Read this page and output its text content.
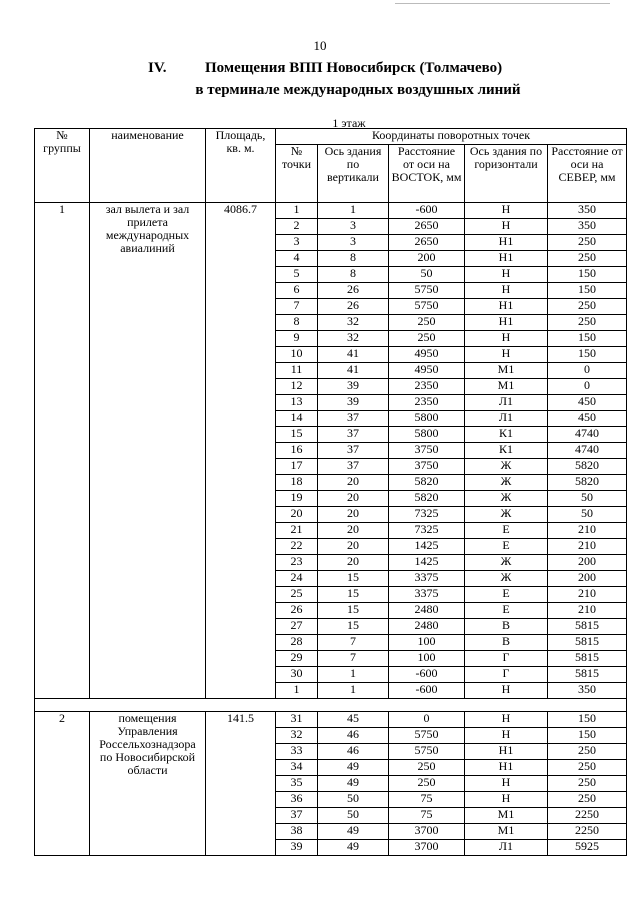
10
IV.	Помещения ВПП Новосибирск (Толмачево)
в терминале международных воздушных линий
1 этаж
№ группы	наименование	Площадь, кв. м.	Координаты поворотных точек				
			№ точки	Ось здания по вертикали	Расстояние от оси на ВОСТОК, мм	Ось здания по горизонтали	Расстояние от оси на СЕВЕР, мм
1	зал вылета и зал прилета международных авиалиний	4086.7	1	1	-600	Н	350
			2	3	2650	Н	350
			3	3	2650	Н1	250
			4	8	200	Н1	250
			5	8	50	Н	150
			6	26	5750	Н	150
			7	26	5750	Н1	250
			8	32	250	Н1	250
			9	32	250	Н	150
			10	41	4950	Н	150
			11	41	4950	М1	0
			12	39	2350	М1	0
			13	39	2350	Л1	450
			14	37	5800	Л1	450
			15	37	5800	К1	4740
			16	37	3750	К1	4740
			17	37	3750	Ж	5820
			18	20	5820	Ж	5820
			19	20	5820	Ж	50
			20	20	7325	Ж	50
			21	20	7325	Е	210
			22	20	1425	Е	210
			23	20	1425	Ж	200
			24	15	3375	Ж	200
			25	15	3375	Е	210
			26	15	2480	Е	210
			27	15	2480	В	5815
			28	7	100	В	5815
			29	7	100	Г	5815
			30	1	-600	Г	5815
			1	1	-600	Н	350

2	помещения Управления Россельхознадзора по Новосибирской области	141.5	31	45	0	Н	150
			32	46	5750	Н	150
			33	46	5750	Н1	250
			34	49	250	Н1	250
			35	49	250	Н	250
			36	50	75	Н	250
			37	50	75	М1	2250
			38	49	3700	М1	2250
			39	49	3700	Л1	5925
